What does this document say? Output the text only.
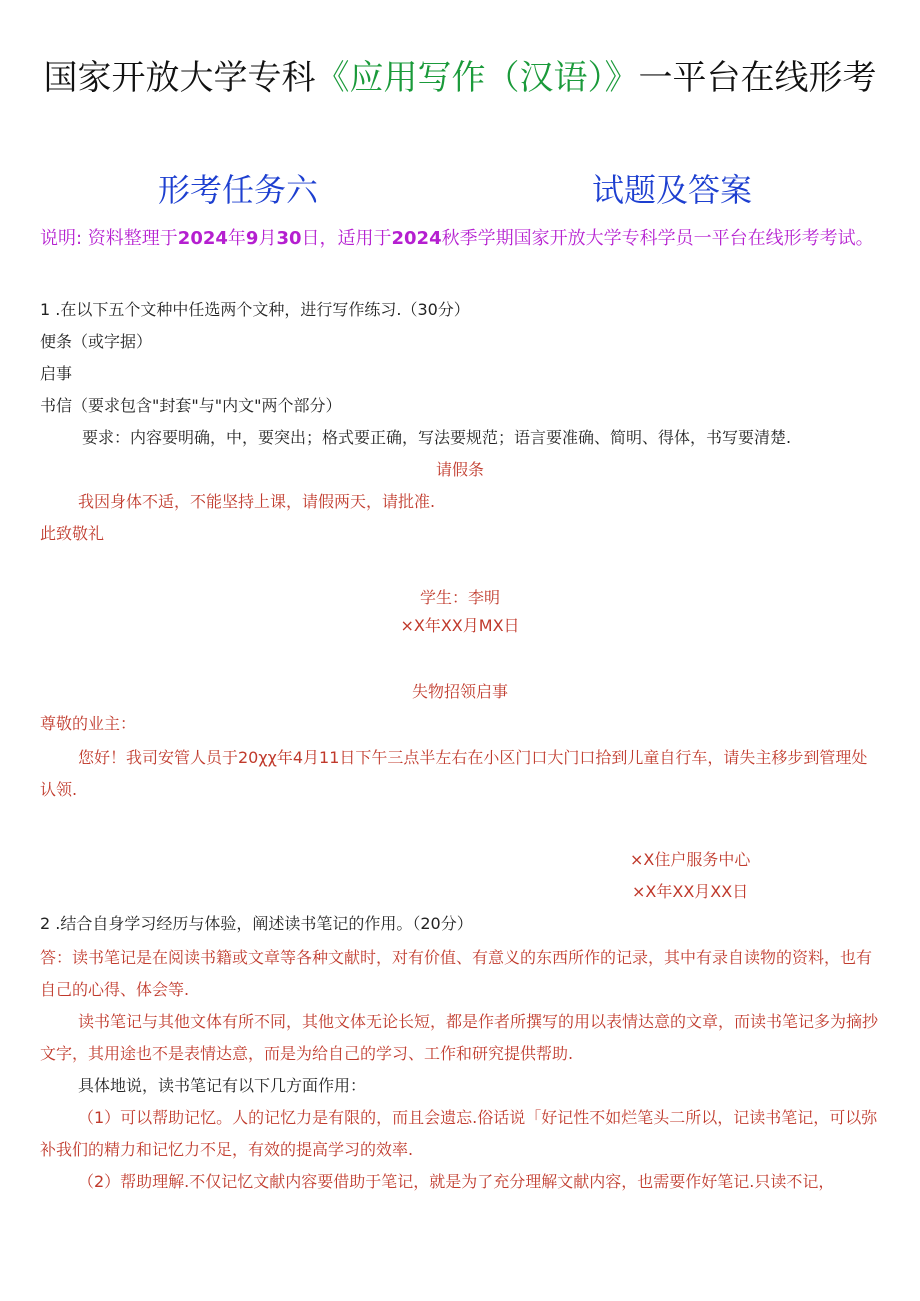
国家开放大学专科《应用写作（汉语）》一平台在线形考
形考任务六	试题及答案
说明: 资料整理于2024年9月30日，适用于2024秋季学期国家开放大学专科学员一平台在线形考考试。
1 .在以下五个文种中任选两个文种，进行写作练习.（30分）
便条（或字据）
启事
书信（要求包含"封套"与"内文"两个部分）
要求：内容要明确，中，要突出；格式要正确，写法要规范；语言要准确、简明、得体，书写要清楚.
请假条
我因身体不适，不能坚持上课，请假两天，请批准.
此致敬礼
学生：李明
×X年XX月MX日
失物招领启事
尊敬的业主：
您好！我司安管人员于20χχ年4月11日下午三点半左右在小区门口大门口拾到儿童自行车，请失主移步到管理处认领.
×X住户服务中心
×X年XX月XX日
2 .结合自身学习经历与体验，阐述读书笔记的作用。（20分）
答：读书笔记是在阅读书籍或文章等各种文献时，对有价值、有意义的东西所作的记录，其中有录自读物的资料，也有自己的心得、体会等.
读书笔记与其他文体有所不同，其他文体无论长短，都是作者所撰写的用以表情达意的文章，而读书笔记多为摘抄文字，其用途也不是表情达意，而是为给自己的学习、工作和研究提供帮助.
具体地说，读书笔记有以下几方面作用：
（1）可以帮助记忆。人的记忆力是有限的，而且会遗忘.俗话说「好记性不如烂笔头二所以，记读书笔记，可以弥补我们的精力和记忆力不足，有效的提高学习的效率.
（2）帮助理解.不仅记忆文献内容要借助于笔记，就是为了充分理解文献内容，也需要作好笔记.只读不记，
